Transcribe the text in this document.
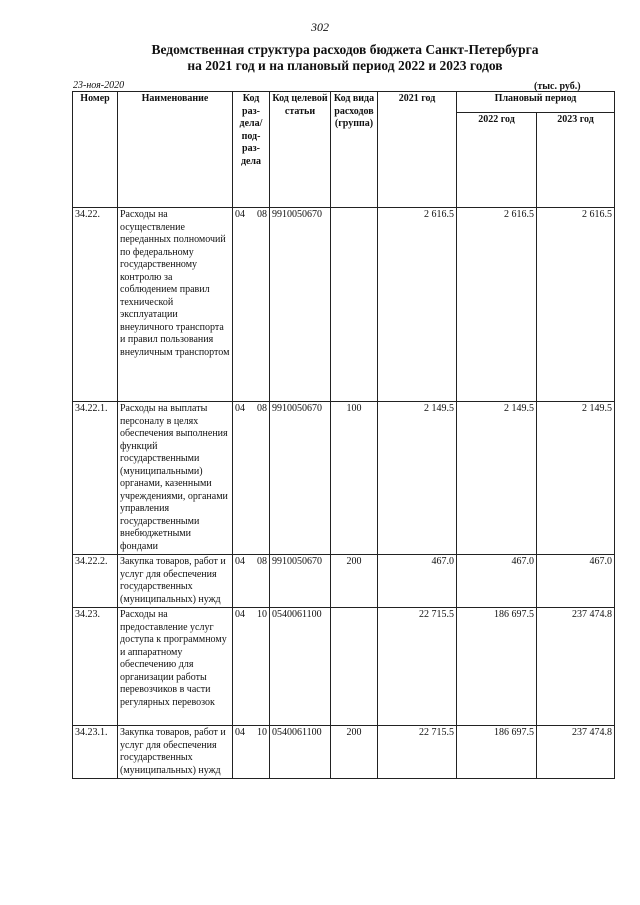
302
Ведомственная структура расходов бюджета Санкт-Петербурга
на 2021 год и на плановый период 2022 и 2023 годов
23-ноя-2020	(тыс. руб.)
Номер	Наименование	Код раз-дела/ под-раз-дела	Код целевой статьи	Код вида расходов (группа)	2021 год	Плановый период	
						2022 год	2023 год
34.22.	Расходы на осуществление переданных полномочий по федеральному государственному контролю за соблюдением правил технической эксплуатации внеуличного транспорта и правил пользования внеуличным транспортом	04 08	9910050670		2 616.5	2 616.5	2 616.5
34.22.1.	Расходы на выплаты персоналу в целях обеспечения выполнения функций государственными (муниципальными) органами, казенными учреждениями, органами управления государственными внебюджетными фондами	04 08	9910050670	100	2 149.5	2 149.5	2 149.5
34.22.2.	Закупка товаров, работ и услуг для обеспечения государственных (муниципальных) нужд	04 08	9910050670	200	467.0	467.0	467.0
34.23.	Расходы на предоставление услуг доступа к программному и аппаратному обеспечению для организации работы перевозчиков в части регулярных перевозок	04 10	0540061100		22 715.5	186 697.5	237 474.8
34.23.1.	Закупка товаров, работ и услуг для обеспечения государственных (муниципальных) нужд	04 10	0540061100	200	22 715.5	186 697.5	237 474.8
